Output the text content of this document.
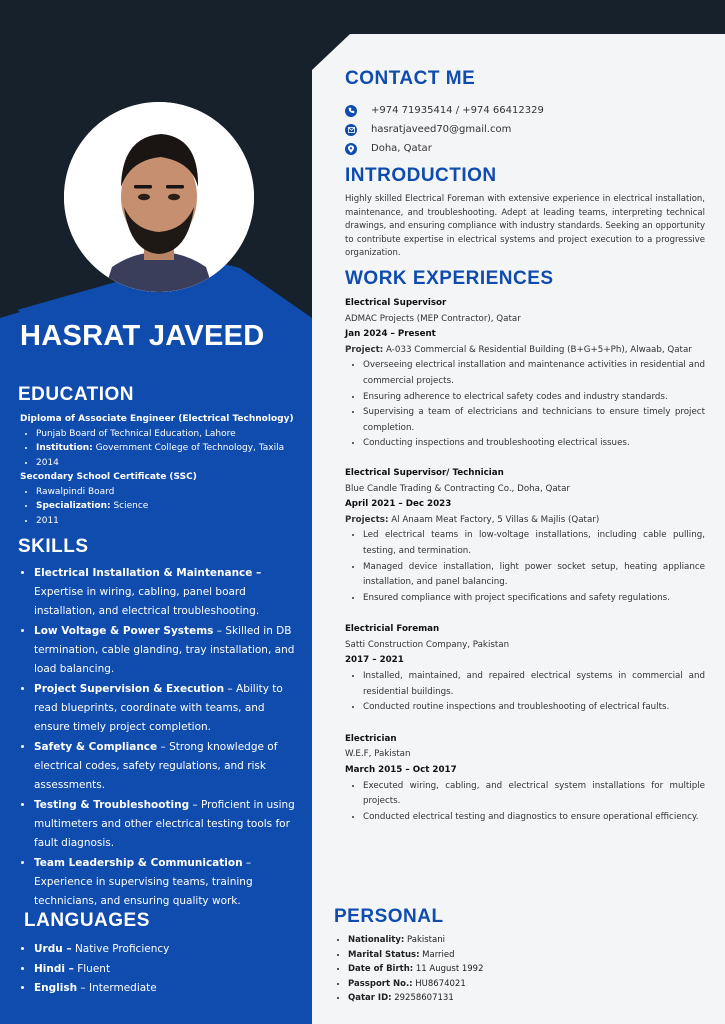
HASRAT JAVEED
EDUCATION
Diploma of Associate Engineer (Electrical Technology)
• Punjab Board of Technical Education, Lahore
• Institution: Government College of Technology, Taxila
• 2014
Secondary School Certificate (SSC)
• Rawalpindi Board
• Specialization: Science
• 2011
SKILLS
• Electrical Installation & Maintenance – Expertise in wiring, cabling, panel board installation, and electrical troubleshooting.
• Low Voltage & Power Systems – Skilled in DB termination, cable glanding, tray installation, and load balancing.
• Project Supervision & Execution – Ability to read blueprints, coordinate with teams, and ensure timely project completion.
• Safety & Compliance – Strong knowledge of electrical codes, safety regulations, and risk assessments.
• Testing & Troubleshooting – Proficient in using multimeters and other electrical testing tools for fault diagnosis.
• Team Leadership & Communication – Experience in supervising teams, training technicians, and ensuring quality work.
LANGUAGES
• Urdu – Native Proficiency
• Hindi – Fluent
• English – Intermediate
CONTACT ME
+974 71935414 / +974 66412329
hasratjaveed70@gmail.com
Doha, Qatar
INTRODUCTION
Highly skilled Electrical Foreman with extensive experience in electrical installation, maintenance, and troubleshooting. Adept at leading teams, interpreting technical drawings, and ensuring compliance with industry standards. Seeking an opportunity to contribute expertise in electrical systems and project execution to a progressive organization.
WORK EXPERIENCES
Electrical Supervisor
ADMAC Projects (MEP Contractor), Qatar
Jan 2024 – Present
Project: A-033 Commercial & Residential Building (B+G+5+Ph), Alwaab, Qatar
• Overseeing electrical installation and maintenance activities in residential and commercial projects.
• Ensuring adherence to electrical safety codes and industry standards.
• Supervising a team of electricians and technicians to ensure timely project completion.
• Conducting inspections and troubleshooting electrical issues.
Electrical Supervisor/ Technician
Blue Candle Trading & Contracting Co., Doha, Qatar
April 2021 – Dec 2023
Projects: Al Anaam Meat Factory, 5 Villas & Majlis (Qatar)
• Led electrical teams in low-voltage installations, including cable pulling, testing, and termination.
• Managed device installation, light power socket setup, heating appliance installation, and panel balancing.
• Ensured compliance with project specifications and safety regulations.
Electricial Foreman
Satti Construction Company, Pakistan
2017 – 2021
• Installed, maintained, and repaired electrical systems in commercial and residential buildings.
• Conducted routine inspections and troubleshooting of electrical faults.
Electrician
W.E.F, Pakistan
March 2015 – Oct 2017
• Executed wiring, cabling, and electrical system installations for multiple projects.
• Conducted electrical testing and diagnostics to ensure operational efficiency.
PERSONAL
• Nationality: Pakistani
• Marital Status: Married
• Date of Birth: 11 August 1992
• Passport No.: HU8674021
• Qatar ID: 29258607131
